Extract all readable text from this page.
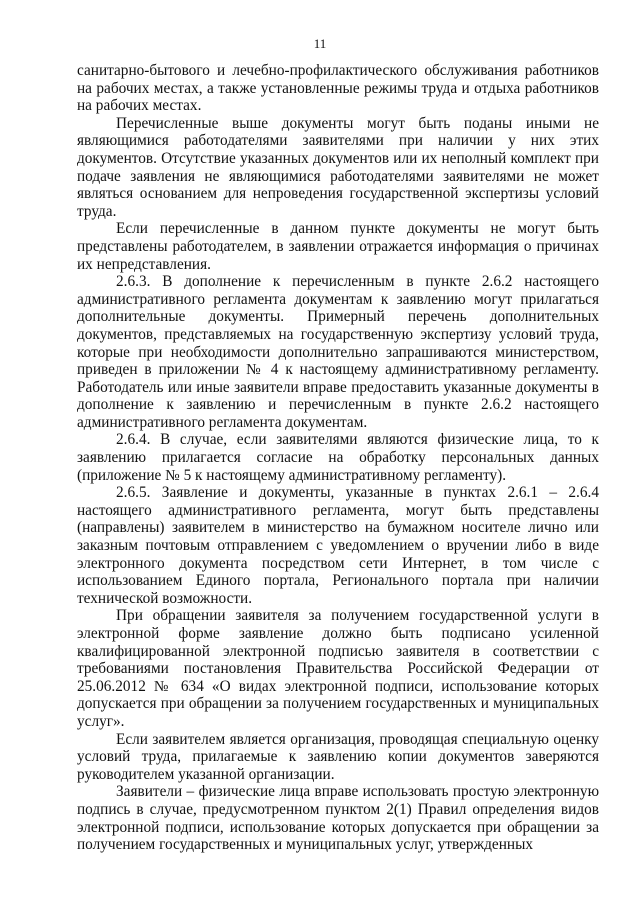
11

санитарно-бытового и лечебно-профилактического обслуживания работников на рабочих местах, а также установленные режимы труда и отдыха работников на рабочих местах.

Перечисленные выше документы могут быть поданы иными не являющимися работодателями заявителями при наличии у них этих документов. Отсутствие указанных документов или их неполный комплект при подаче заявления не являющимися работодателями заявителями не может являться основанием для непроведения государственной экспертизы условий труда.

Если перечисленные в данном пункте документы не могут быть представлены работодателем, в заявлении отражается информация о причинах их непредставления.

2.6.3. В дополнение к перечисленным в пункте 2.6.2 настоящего административного регламента документам к заявлению могут прилагаться дополнительные документы. Примерный перечень дополнительных документов, представляемых на государственную экспертизу условий труда, которые при необходимости дополнительно запрашиваются министерством, приведен в приложении № 4 к настоящему административному регламенту. Работодатель или иные заявители вправе предоставить указанные документы в дополнение к заявлению и перечисленным в пункте 2.6.2 настоящего административного регламента документам.

2.6.4. В случае, если заявителями являются физические лица, то к заявлению прилагается согласие на обработку персональных данных (приложение № 5 к настоящему административному регламенту).

2.6.5. Заявление и документы, указанные в пунктах 2.6.1 – 2.6.4 настоящего административного регламента, могут быть представлены (направлены) заявителем в министерство на бумажном носителе лично или заказным почтовым отправлением с уведомлением о вручении либо в виде электронного документа посредством сети Интернет, в том числе с использованием Единого портала, Регионального портала при наличии технической возможности.

При обращении заявителя за получением государственной услуги в электронной форме заявление должно быть подписано усиленной квалифицированной электронной подписью заявителя в соответствии с требованиями постановления Правительства Российской Федерации от 25.06.2012 № 634 «О видах электронной подписи, использование которых допускается при обращении за получением государственных и муниципальных услуг».

Если заявителем является организация, проводящая специальную оценку условий труда, прилагаемые к заявлению копии документов заверяются руководителем указанной организации.

Заявители – физические лица вправе использовать простую электронную подпись в случае, предусмотренном пунктом 2(1) Правил определения видов электронной подписи, использование которых допускается при обращении за получением государственных и муниципальных услуг, утвержденных
